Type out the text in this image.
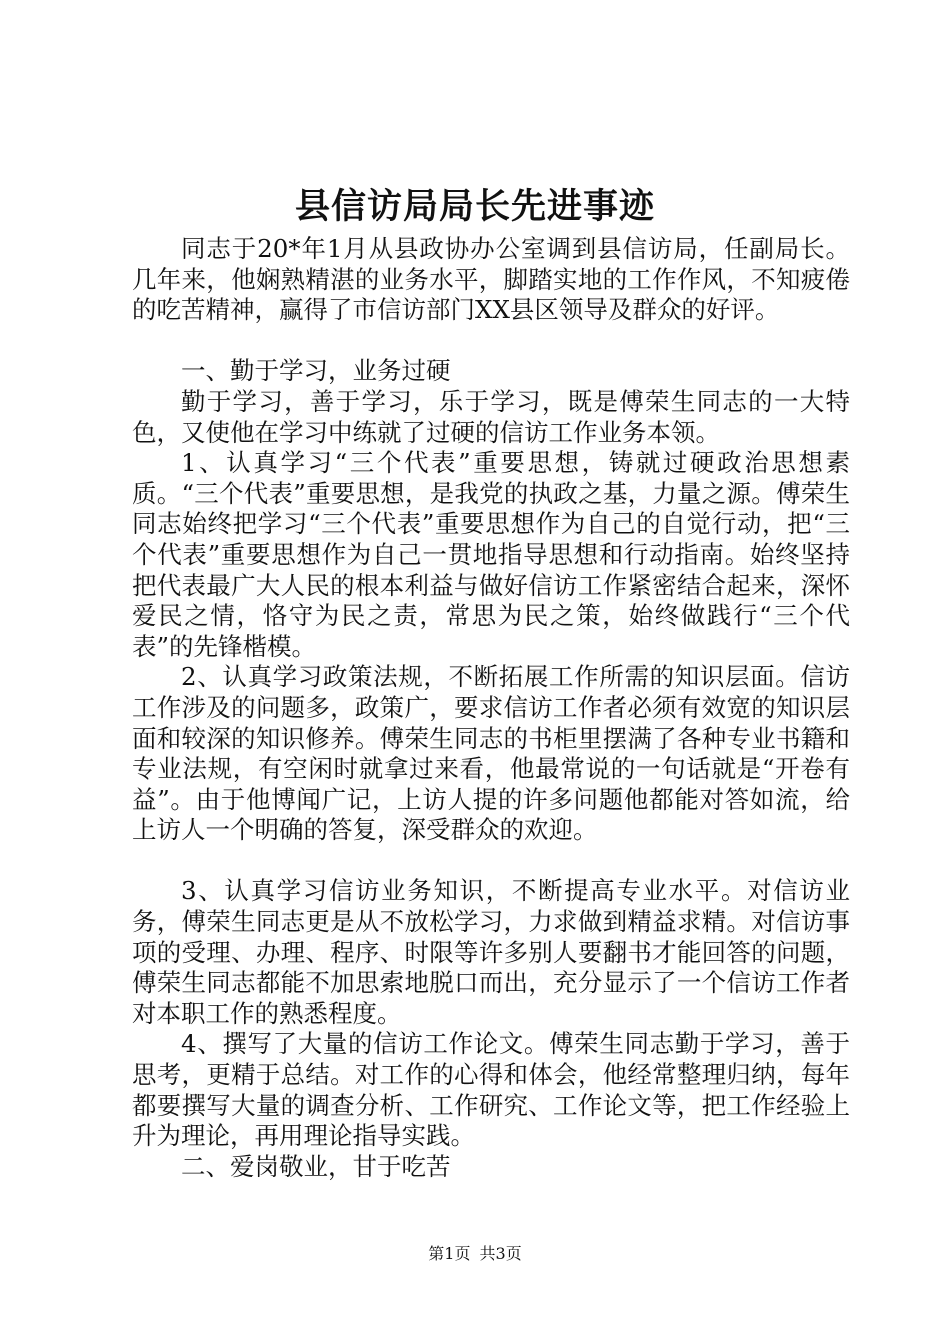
县信访局局长先进事迹

同志于20*年1月从县政协办公室调到县信访局，任副局长。几年来，他娴熟精湛的业务水平，脚踏实地的工作作风，不知疲倦的吃苦精神，赢得了市信访部门XX县区领导及群众的好评。

一、勤于学习，业务过硬

勤于学习，善于学习，乐于学习，既是傅荣生同志的一大特色，又使他在学习中练就了过硬的信访工作业务本领。

1、认真学习“三个代表”重要思想，铸就过硬政治思想素质。“三个代表”重要思想，是我党的执政之基，力量之源。傅荣生同志始终把学习“三个代表”重要思想作为自己的自觉行动，把“三个代表”重要思想作为自己一贯地指导思想和行动指南。始终坚持把代表最广大人民的根本利益与做好信访工作紧密结合起来，深怀爱民之情，恪守为民之责，常思为民之策，始终做践行“三个代表”的先锋楷模。

2、认真学习政策法规，不断拓展工作所需的知识层面。信访工作涉及的问题多，政策广，要求信访工作者必须有效宽的知识层面和较深的知识修养。傅荣生同志的书柜里摆满了各种专业书籍和专业法规，有空闲时就拿过来看，他最常说的一句话就是“开卷有益”。由于他博闻广记，上访人提的许多问题他都能对答如流，给上访人一个明确的答复，深受群众的欢迎。

3、认真学习信访业务知识，不断提高专业水平。对信访业务，傅荣生同志更是从不放松学习，力求做到精益求精。对信访事项的受理、办理、程序、时限等许多别人要翻书才能回答的问题，傅荣生同志都能不加思索地脱口而出，充分显示了一个信访工作者对本职工作的熟悉程度。

4、撰写了大量的信访工作论文。傅荣生同志勤于学习，善于思考，更精于总结。对工作的心得和体会，他经常整理归纳，每年都要撰写大量的调查分析、工作研究、工作论文等，把工作经验上升为理论，再用理论指导实践。

二、爱岗敬业，甘于吃苦

第1页 共3页
